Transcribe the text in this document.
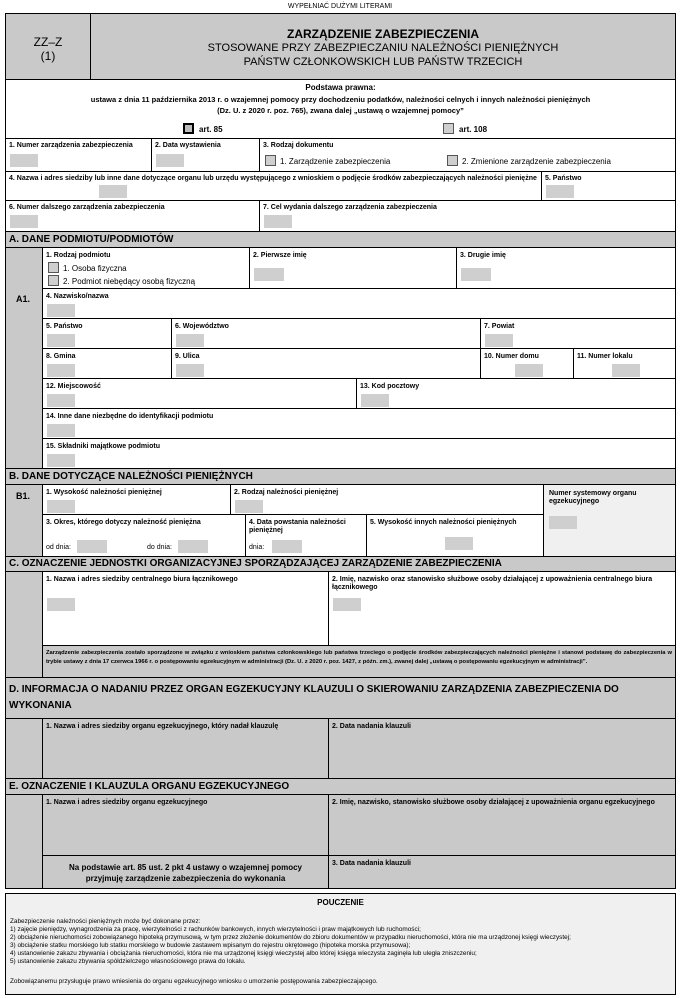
WYPEŁNIAĆ DUŻYMI LITERAMI
ZZ–Z
(1)
ZARZĄDZENIE ZABEZPIECZENIA
STOSOWANE PRZY ZABEZPIECZANIU NALEŻNOŚCI PIENIĘŻNYCH
PAŃSTW CZŁONKOWSKICH LUB PAŃSTW TRZECICH
Podstawa prawna:
ustawa z dnia 11 października 2013 r. o wzajemnej pomocy przy dochodzeniu podatków, należności celnych i innych należności pieniężnych
(Dz. U. z 2020 r. poz. 765), zwana dalej „ustawą o wzajemnej pomocy”
art. 85	art. 108
1. Numer zarządzenia zabezpieczenia	2. Data wystawienia	3. Rodzaj dokumentu
1. Zarządzenie zabezpieczenia	2. Zmienione zarządzenie zabezpieczenia
4. Nazwa i adres siedziby lub inne dane dotyczące organu lub urzędu występującego z wnioskiem o podjęcie środków zabezpieczających należności pieniężne	5. Państwo
6. Numer dalszego zarządzenia zabezpieczenia	7. Cel wydania dalszego zarządzenia zabezpieczenia
A. DANE PODMIOTU/PODMIOTÓW
A1.
1. Rodzaj podmiotu
1. Osoba fizyczna
2. Podmiot niebędący osobą fizyczną
2. Pierwsze imię	3. Drugie imię
4. Nazwisko/nazwa
5. Państwo	6. Województwo	7. Powiat
8. Gmina	9. Ulica	10. Numer domu	11. Numer lokalu
12. Miejscowość	13. Kod pocztowy
14. Inne dane niezbędne do identyfikacji podmiotu
15. Składniki majątkowe podmiotu
B. DANE DOTYCZĄCE NALEŻNOŚCI PIENIĘŻNYCH
B1. 1. Wysokość należności pieniężnej	2. Rodzaj należności pieniężnej	Numer systemowy organu egzekucyjnego
3. Okres, którego dotyczy należność pieniężna
od dnia:	do dnia:
4. Data powstania należności pieniężnej
dnia:
5. Wysokość innych należności pieniężnych
C. OZNACZENIE JEDNOSTKI ORGANIZACYJNEJ SPORZĄDZAJĄCEJ ZARZĄDZENIE ZABEZPIECZENIA
1. Nazwa i adres siedziby centralnego biura łącznikowego	2. Imię, nazwisko oraz stanowisko służbowe osoby działającej z upoważnienia centralnego biura łącznikowego
Zarządzenie zabezpieczenia zostało sporządzone w związku z wnioskiem państwa członkowskiego lub państwa trzeciego o podjęcie środków zabezpieczających należności pieniężne i stanowi podstawę do zabezpieczenia w trybie ustawy z dnia 17 czerwca 1966 r. o postępowaniu egzekucyjnym w administracji (Dz. U. z 2020 r. poz. 1427, z późn. zm.), zwanej dalej „ustawą o postępowaniu egzekucyjnym w administracji”.
D. INFORMACJA O NADANIU PRZEZ ORGAN EGZEKUCYJNY KLAUZULI O SKIEROWANIU ZARZĄDZENIA ZABEZPIECZENIA DO WYKONANIA
1. Nazwa i adres siedziby organu egzekucyjnego, który nadał klauzulę	2. Data nadania klauzuli
E. OZNACZENIE I KLAUZULA ORGANU EGZEKUCYJNEGO
1. Nazwa i adres siedziby organu egzekucyjnego	2. Imię, nazwisko, stanowisko służbowe osoby działającej z upoważnienia organu egzekucyjnego
Na podstawie art. 85 ust. 2 pkt 4 ustawy o wzajemnej pomocy
przyjmuję zarządzenie zabezpieczenia do wykonania
3. Data nadania klauzuli
POUCZENIE
Zabezpieczenie należności pieniężnych może być dokonane przez:
1) zajęcie pieniędzy, wynagrodzenia za pracę, wierzytelności z rachunków bankowych, innych wierzytelności i praw majątkowych lub ruchomości;
2) obciążenie nieruchomości zobowiązanego hipoteką przymusową, w tym przez złożenie dokumentów do zbioru dokumentów w przypadku nieruchomości, która nie ma urządzonej księgi wieczystej;
3) obciążenie statku morskiego lub statku morskiego w budowie zastawem wpisanym do rejestru okrętowego (hipoteka morska przymusowa);
4) ustanowienie zakazu zbywania i obciążania nieruchomości, która nie ma urządzonej księgi wieczystej albo której księga wieczysta zaginęła lub uległa zniszczeniu;
5) ustanowienie zakazu zbywania spółdzielczego własnościowego prawa do lokalu.
Zobowiązanemu przysługuje prawo wniesienia do organu egzekucyjnego wniosku o umorzenie postępowania zabezpieczającego.
